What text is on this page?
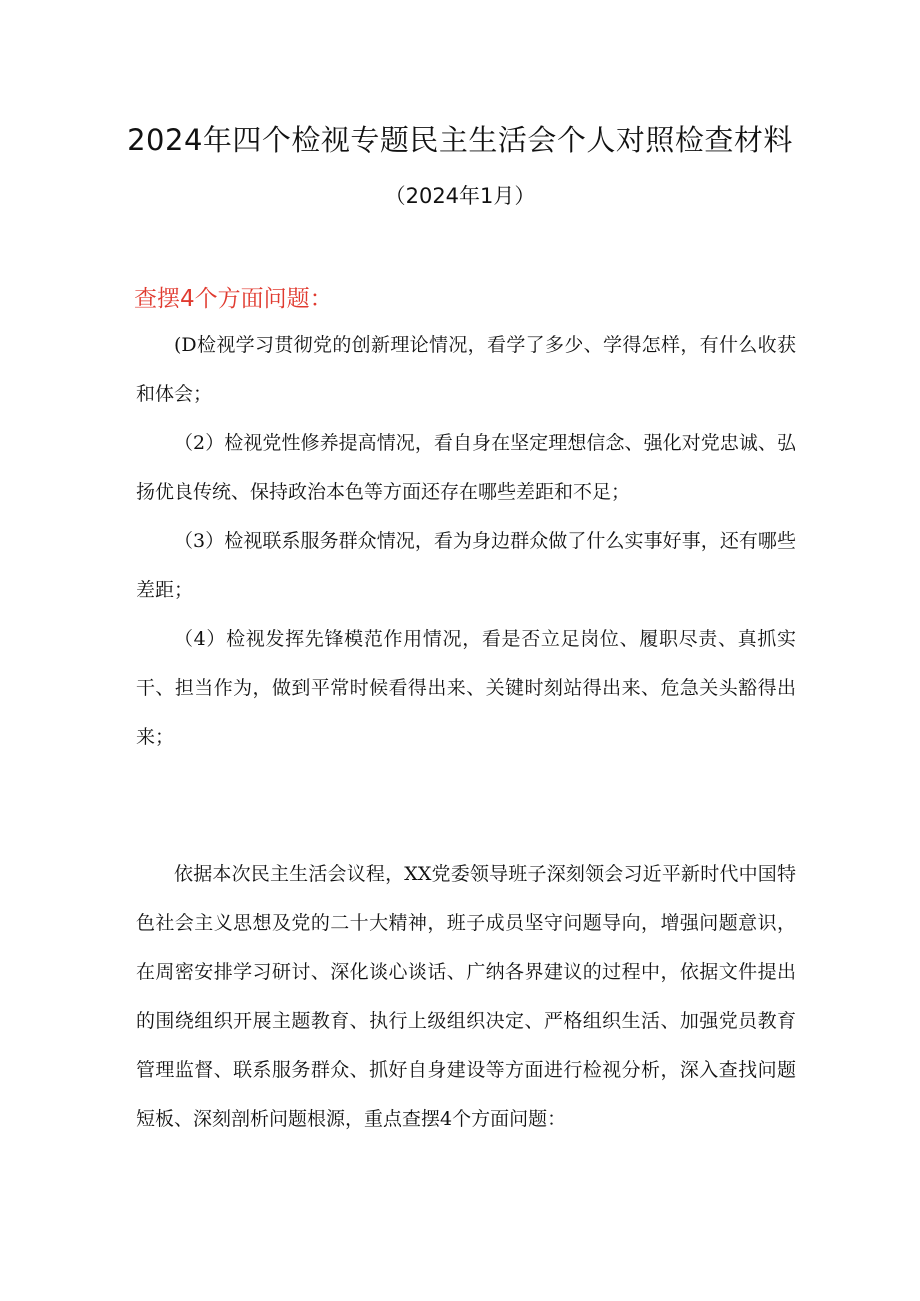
2024年四个检视专题民主生活会个人对照检查材料
（2024年1月）
查摆4个方面问题：
(D检视学习贯彻党的创新理论情况，看学了多少、学得怎样，有什么收获和体会；
（2）检视党性修养提高情况，看自身在坚定理想信念、强化对党忠诚、弘扬优良传统、保持政治本色等方面还存在哪些差距和不足；
（3）检视联系服务群众情况，看为身边群众做了什么实事好事，还有哪些差距；
（4）检视发挥先锋模范作用情况，看是否立足岗位、履职尽责、真抓实干、担当作为，做到平常时候看得出来、关键时刻站得出来、危急关头豁得出来；
依据本次民主生活会议程，XX党委领导班子深刻领会习近平新时代中国特色社会主义思想及党的二十大精神，班子成员坚守问题导向，增强问题意识，在周密安排学习研讨、深化谈心谈话、广纳各界建议的过程中，依据文件提出的围绕组织开展主题教育、执行上级组织决定、严格组织生活、加强党员教育管理监督、联系服务群众、抓好自身建设等方面进行检视分析，深入查找问题短板、深刻剖析问题根源，重点查摆4个方面问题：
